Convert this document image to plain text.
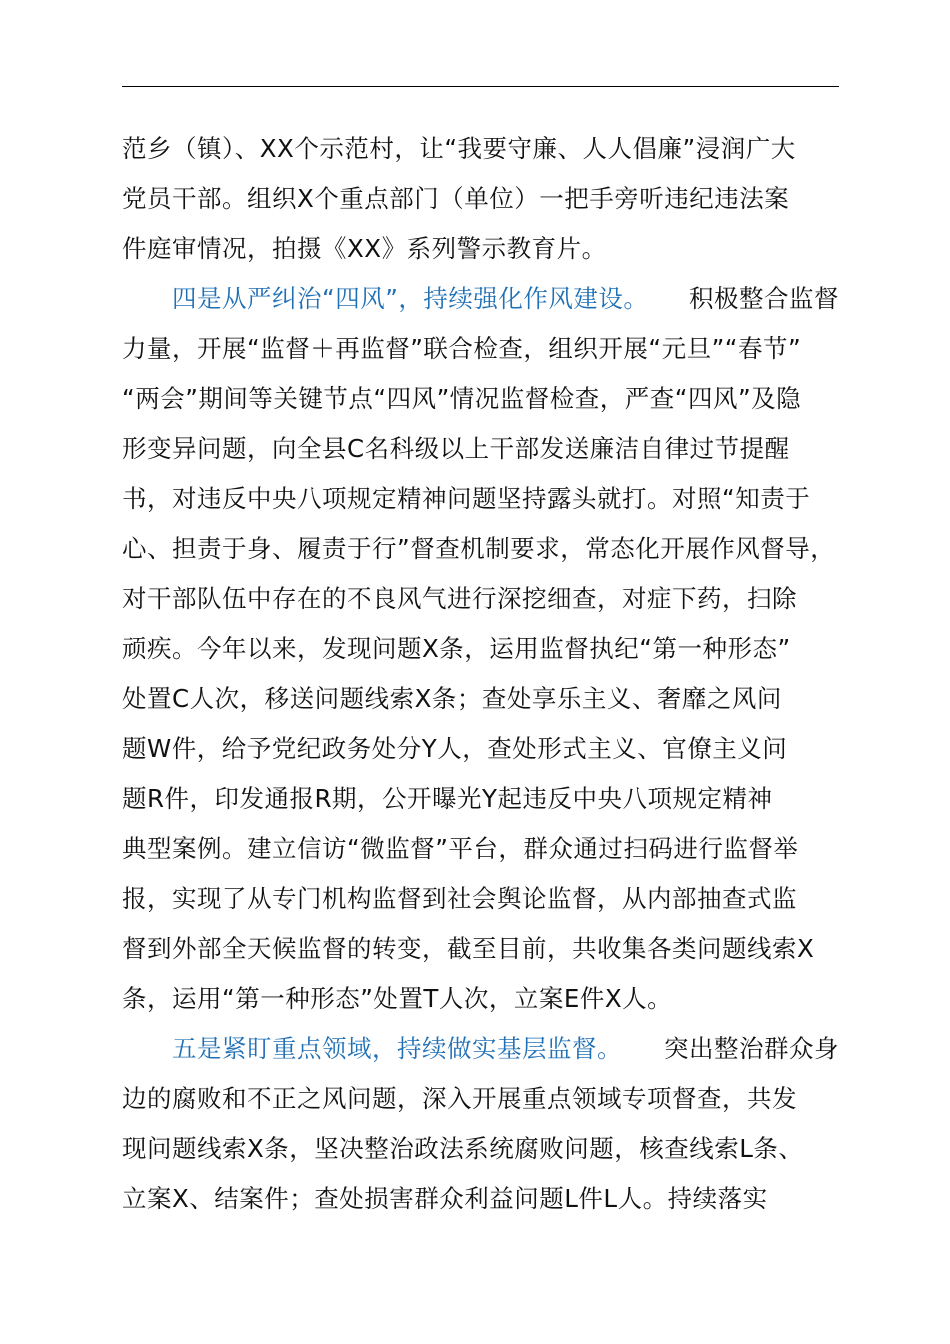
范乡（镇）、XX个示范村，让“我要守廉、人人倡廉”浸润广大
党员干部。组织X个重点部门（单位）一把手旁听违纪违法案
件庭审情况，拍摄《XX》系列警示教育片。
四是从严纠治“四风”，持续强化作风建设。 积极整合监督
力量，开展“监督＋再监督”联合检查，组织开展“元旦”“春节”
“两会”期间等关键节点“四风”情况监督检查，严查“四风”及隐
形变异问题，向全县C名科级以上干部发送廉洁自律过节提醒
书，对违反中央八项规定精神问题坚持露头就打。对照“知责于
心、担责于身、履责于行”督查机制要求，常态化开展作风督导，
对干部队伍中存在的不良风气进行深挖细查，对症下药，扫除
顽疾。今年以来，发现问题X条，运用监督执纪“第一种形态”
处置C人次，移送问题线索X条；查处享乐主义、奢靡之风问
题W件，给予党纪政务处分Y人，查处形式主义、官僚主义问
题R件，印发通报R期，公开曝光Y起违反中央八项规定精神
典型案例。建立信访“微监督”平台，群众通过扫码进行监督举
报，实现了从专门机构监督到社会舆论监督，从内部抽查式监
督到外部全天候监督的转变，截至目前，共收集各类问题线索X
条，运用“第一种形态”处置T人次，立案E件X人。
五是紧盯重点领域，持续做实基层监督。 突出整治群众身
边的腐败和不正之风问题，深入开展重点领域专项督查，共发
现问题线索X条，坚决整治政法系统腐败问题，核查线索L条、
立案X、结案件；查处损害群众利益问题L件L人。持续落实
